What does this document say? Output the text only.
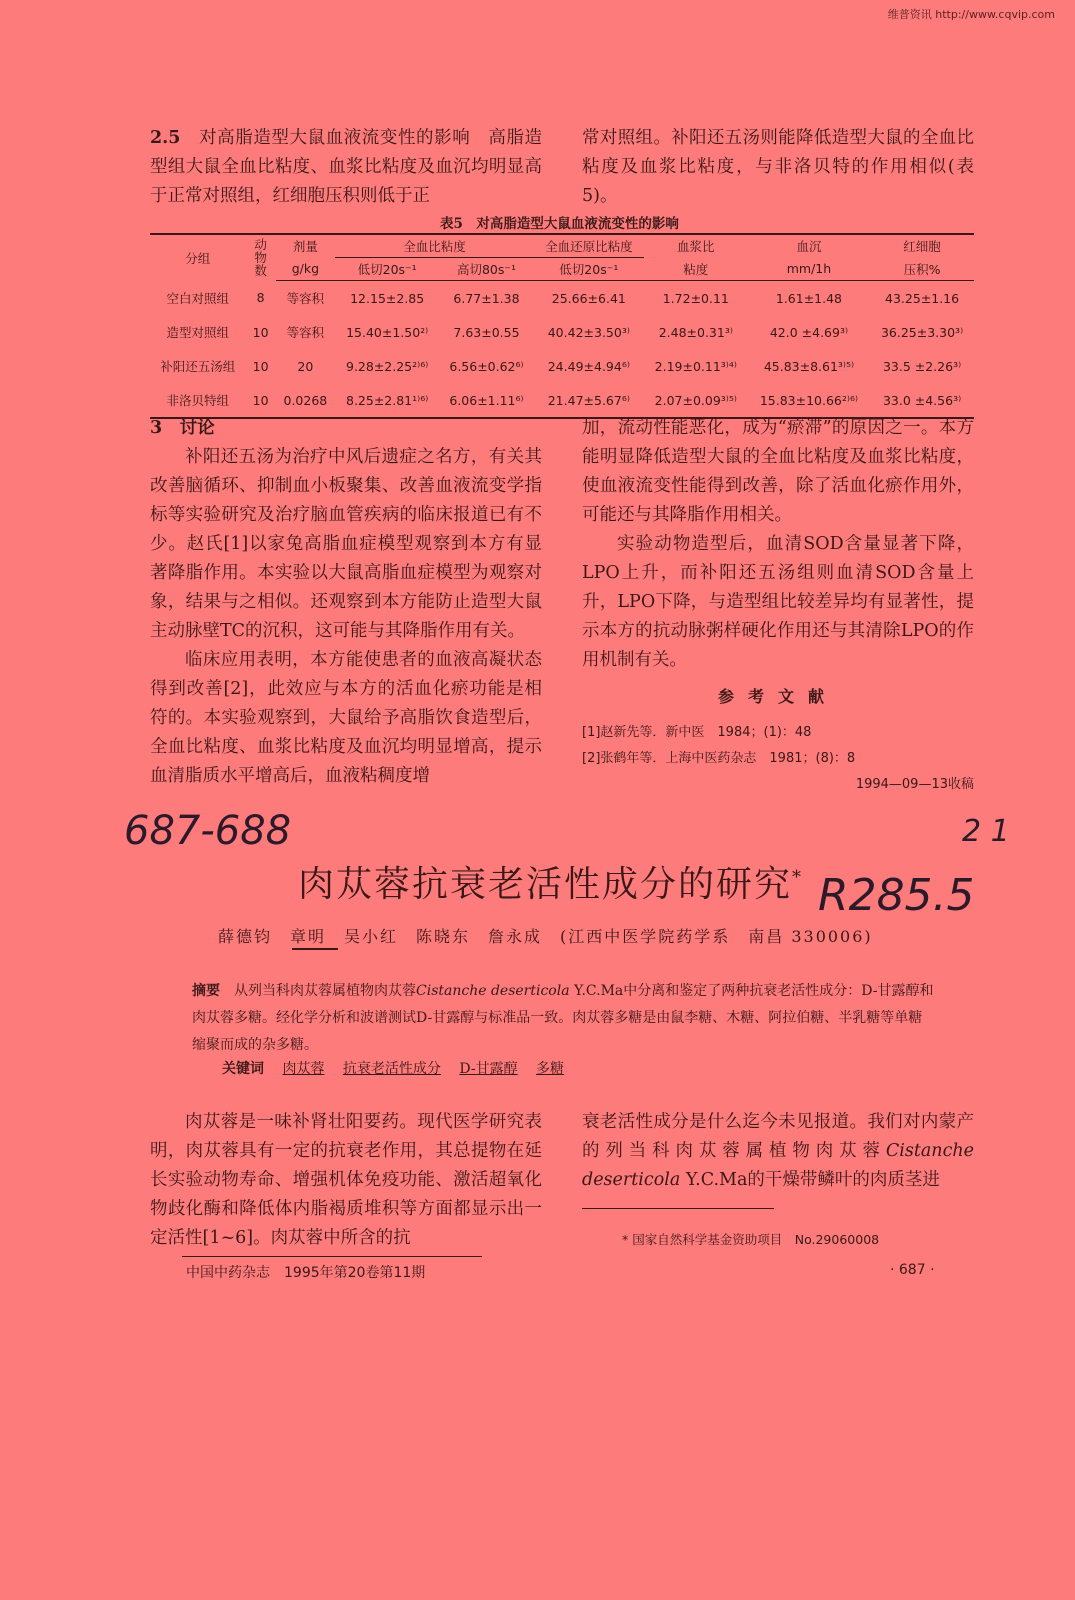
维普资讯 http://www.cqvip.com

2.5　 对高脂造型大鼠血液流变性的影响　高脂造型组大鼠全血比粘度、血浆比粘度及血沉均明显高于正常对照组，红细胞压积则低于正

常对照组。补阳还五汤则能降低造型大鼠的全血比粘度及血浆比粘度，与非洛贝特的作用相似(表5)。

表5　对高脂造型大鼠血液流变性的影响
分组	动物数	剂量	全血比粘度		全血还原比粘度	血浆比	血沉	红细胞
		g/kg	低切20s⁻¹	高切80s⁻¹	低切20s⁻¹	粘度	mm/1h	压积%
空白对照组	8	等容积	12.15±2.85	6.77±1.38	25.66±6.41	1.72±0.11	1.61±1.48	43.25±1.16
造型对照组	10	等容积	15.40±1.50²⁾	7.63±0.55	40.42±3.50³⁾	2.48±0.31³⁾	42.0 ±4.69³⁾	36.25±3.30³⁾
补阳还五汤组	10	20	9.28±2.25²⁾⁶⁾	6.56±0.62⁶⁾	24.49±4.94⁶⁾	2.19±0.11³⁾⁴⁾	45.83±8.61³⁾⁵⁾	33.5 ±2.26³⁾
非洛贝特组	10	0.0268	8.25±2.81¹⁾⁶⁾	6.06±1.11⁶⁾	21.47±5.67⁶⁾	2.07±0.09³⁾⁵⁾	15.83±10.66²⁾⁶⁾	33.0 ±4.56³⁾

3　讨论

补阳还五汤为治疗中风后遗症之名方，有关其改善脑循环、抑制血小板聚集、改善血液流变学指标等实验研究及治疗脑血管疾病的临床报道已有不少。赵氏[1]以家兔高脂血症模型观察到本方有显著降脂作用。本实验以大鼠高脂血症模型为观察对象，结果与之相似。还观察到本方能防止造型大鼠主动脉壁TC的沉积，这可能与其降脂作用有关。

临床应用表明，本方能使患者的血液高凝状态得到改善[2]，此效应与本方的活血化瘀功能是相符的。本实验观察到，大鼠给予高脂饮食造型后，全血比粘度、血浆比粘度及血沉均明显增高，提示血清脂质水平增高后，血液粘稠度增

加，流动性能恶化，成为“瘀滞”的原因之一。本方能明显降低造型大鼠的全血比粘度及血浆比粘度，使血液流变性能得到改善，除了活血化瘀作用外，可能还与其降脂作用相关。

实验动物造型后，血清SOD含量显著下降，LPO上升，而补阳还五汤组则血清SOD含量上升，LPO下降，与造型组比较差异均有显著性，提示本方的抗动脉粥样硬化作用还与其清除LPO的作用机制有关。

参考文献
[1]赵新先等．新中医　1984；(1)：48
[2]张鹤年等．上海中医药杂志　1981；(8)：8
1994—09—13收稿
687-688	2 1
R285.5
肉苁蓉抗衰老活性成分的研究*
薛德钧　章明　吴小红　陈晓东　詹永成　(江西中医学院药学系　南昌 330006)
摘要　 从列当科肉苁蓉属植物肉苁蓉Cistanche deserticola Y.C.Ma中分离和鉴定了两种抗衰老活性成分：D-甘露醇和肉苁蓉多糖。经化学分析和波谱测试D-甘露醇与标准品一致。肉苁蓉多糖是由鼠李糖、木糖、阿拉伯糖、半乳糖等单糖缩聚而成的杂多糖。
关键词 肉苁蓉 抗衰老活性成分 D-甘露醇 多糖

肉苁蓉是一味补肾壮阳要药。现代医学研究表明，肉苁蓉具有一定的抗衰老作用，其总提物在延长实验动物寿命、增强机体免疫功能、激活超氧化物歧化酶和降低体内脂褐质堆积等方面都显示出一定活性[1~6]。肉苁蓉中所含的抗

衰老活性成分是什么迄今未见报道。我们对内蒙产的列当科肉苁蓉属植物肉苁蓉Cistanche deserticola Y.C.Ma的干燥带鳞叶的肉质茎进

* 国家自然科学基金资助项目　No.29060008
中国中药杂志　1995年第20卷第11期	· 687 ·
